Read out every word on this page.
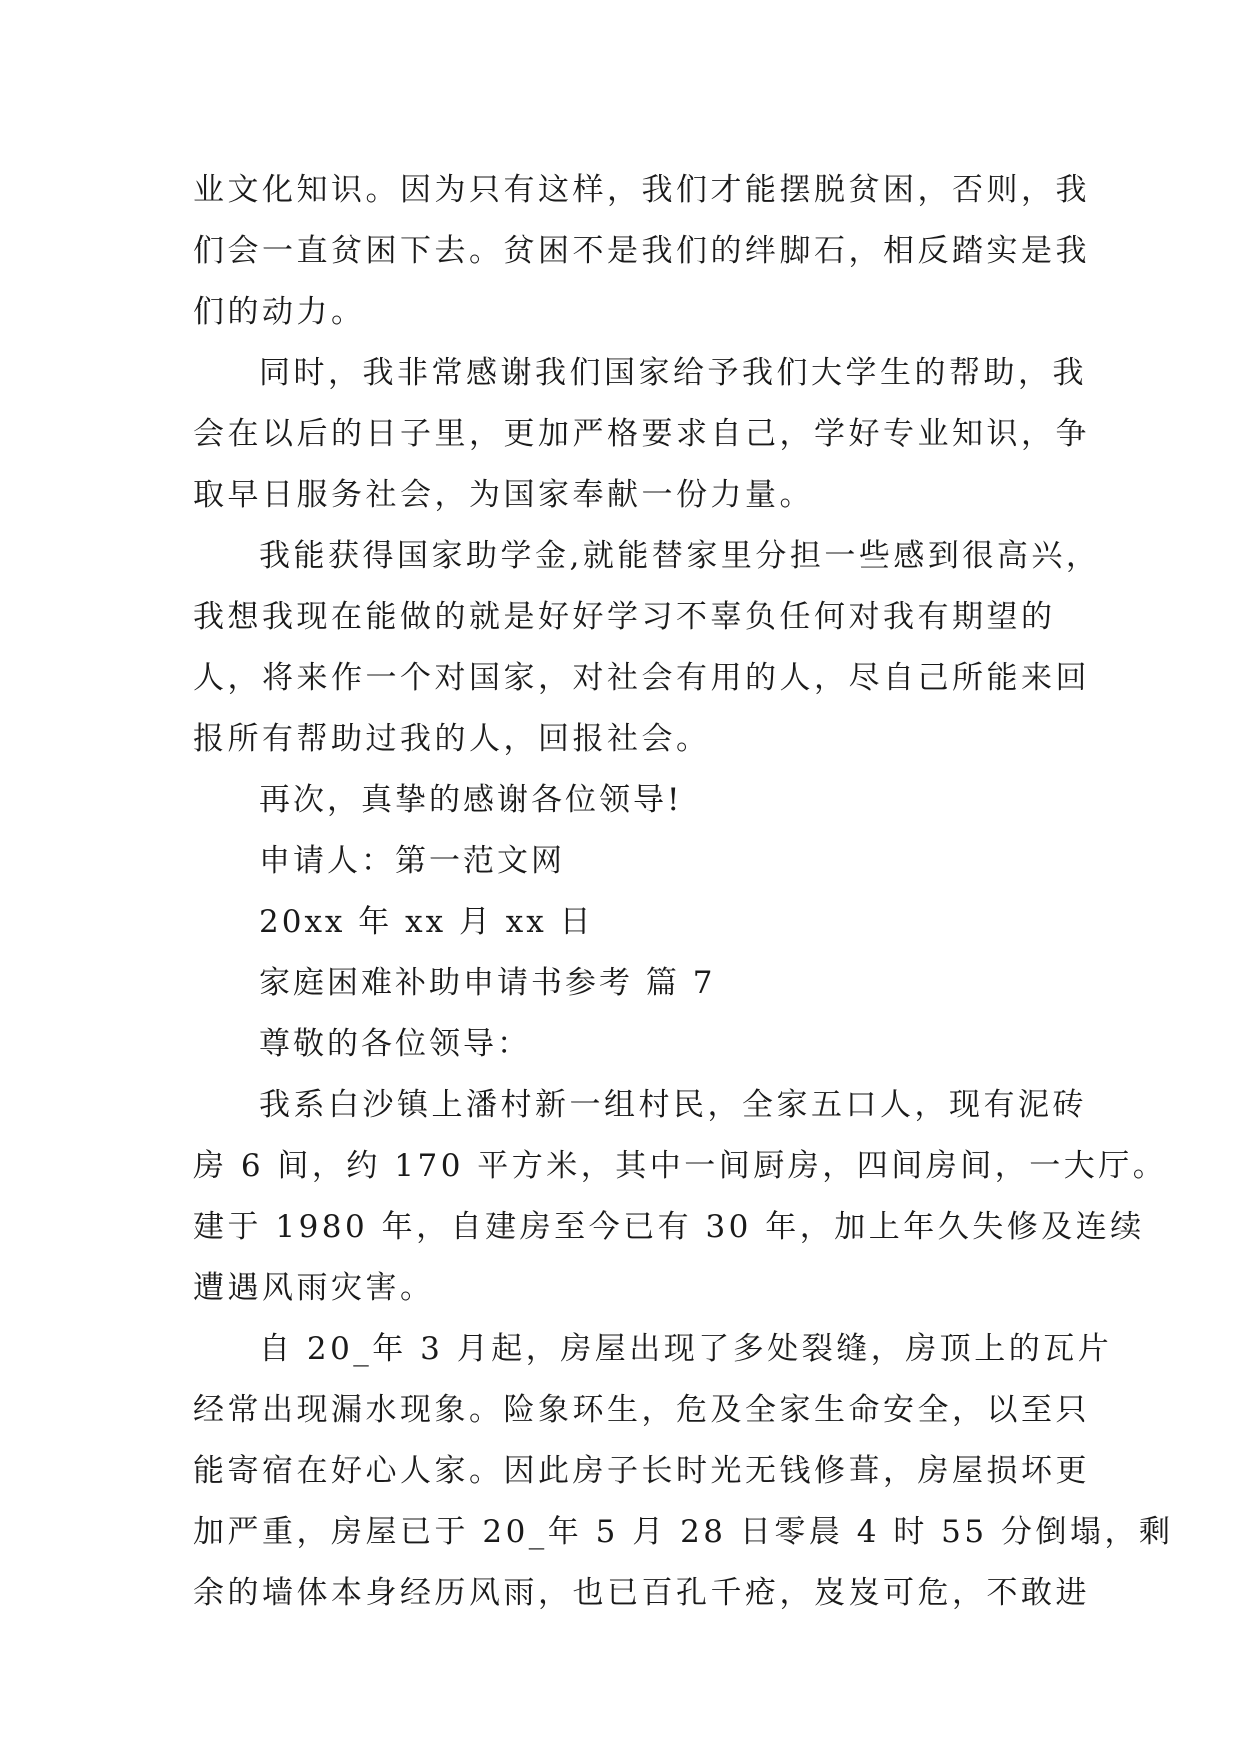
业文化知识。因为只有这样，我们才能摆脱贫困，否则，我
们会一直贫困下去。贫困不是我们的绊脚石，相反踏实是我
们的动力。

同时，我非常感谢我们国家给予我们大学生的帮助，我
会在以后的日子里，更加严格要求自己，学好专业知识，争
取早日服务社会，为国家奉献一份力量。

我能获得国家助学金,就能替家里分担一些感到很高兴，
我想我现在能做的就是好好学习不辜负任何对我有期望的
人，将来作一个对国家，对社会有用的人，尽自己所能来回
报所有帮助过我的人，回报社会。

再次，真挚的感谢各位领导!

申请人：第一范文网

20xx 年 xx 月 xx 日

家庭困难补助申请书参考 篇 7

尊敬的各位领导：

我系白沙镇上潘村新一组村民，全家五口人，现有泥砖
房 6 间，约 170 平方米，其中一间厨房，四间房间，一大厅。
建于 1980 年，自建房至今已有 30 年，加上年久失修及连续
遭遇风雨灾害。

自 20_年 3 月起，房屋出现了多处裂缝，房顶上的瓦片
经常出现漏水现象。险象环生，危及全家生命安全，以至只
能寄宿在好心人家。因此房子长时光无钱修葺，房屋损坏更
加严重，房屋已于 20_年 5 月 28 日零晨 4 时 55 分倒塌，剩
余的墙体本身经历风雨，也已百孔千疮，岌岌可危，不敢进
